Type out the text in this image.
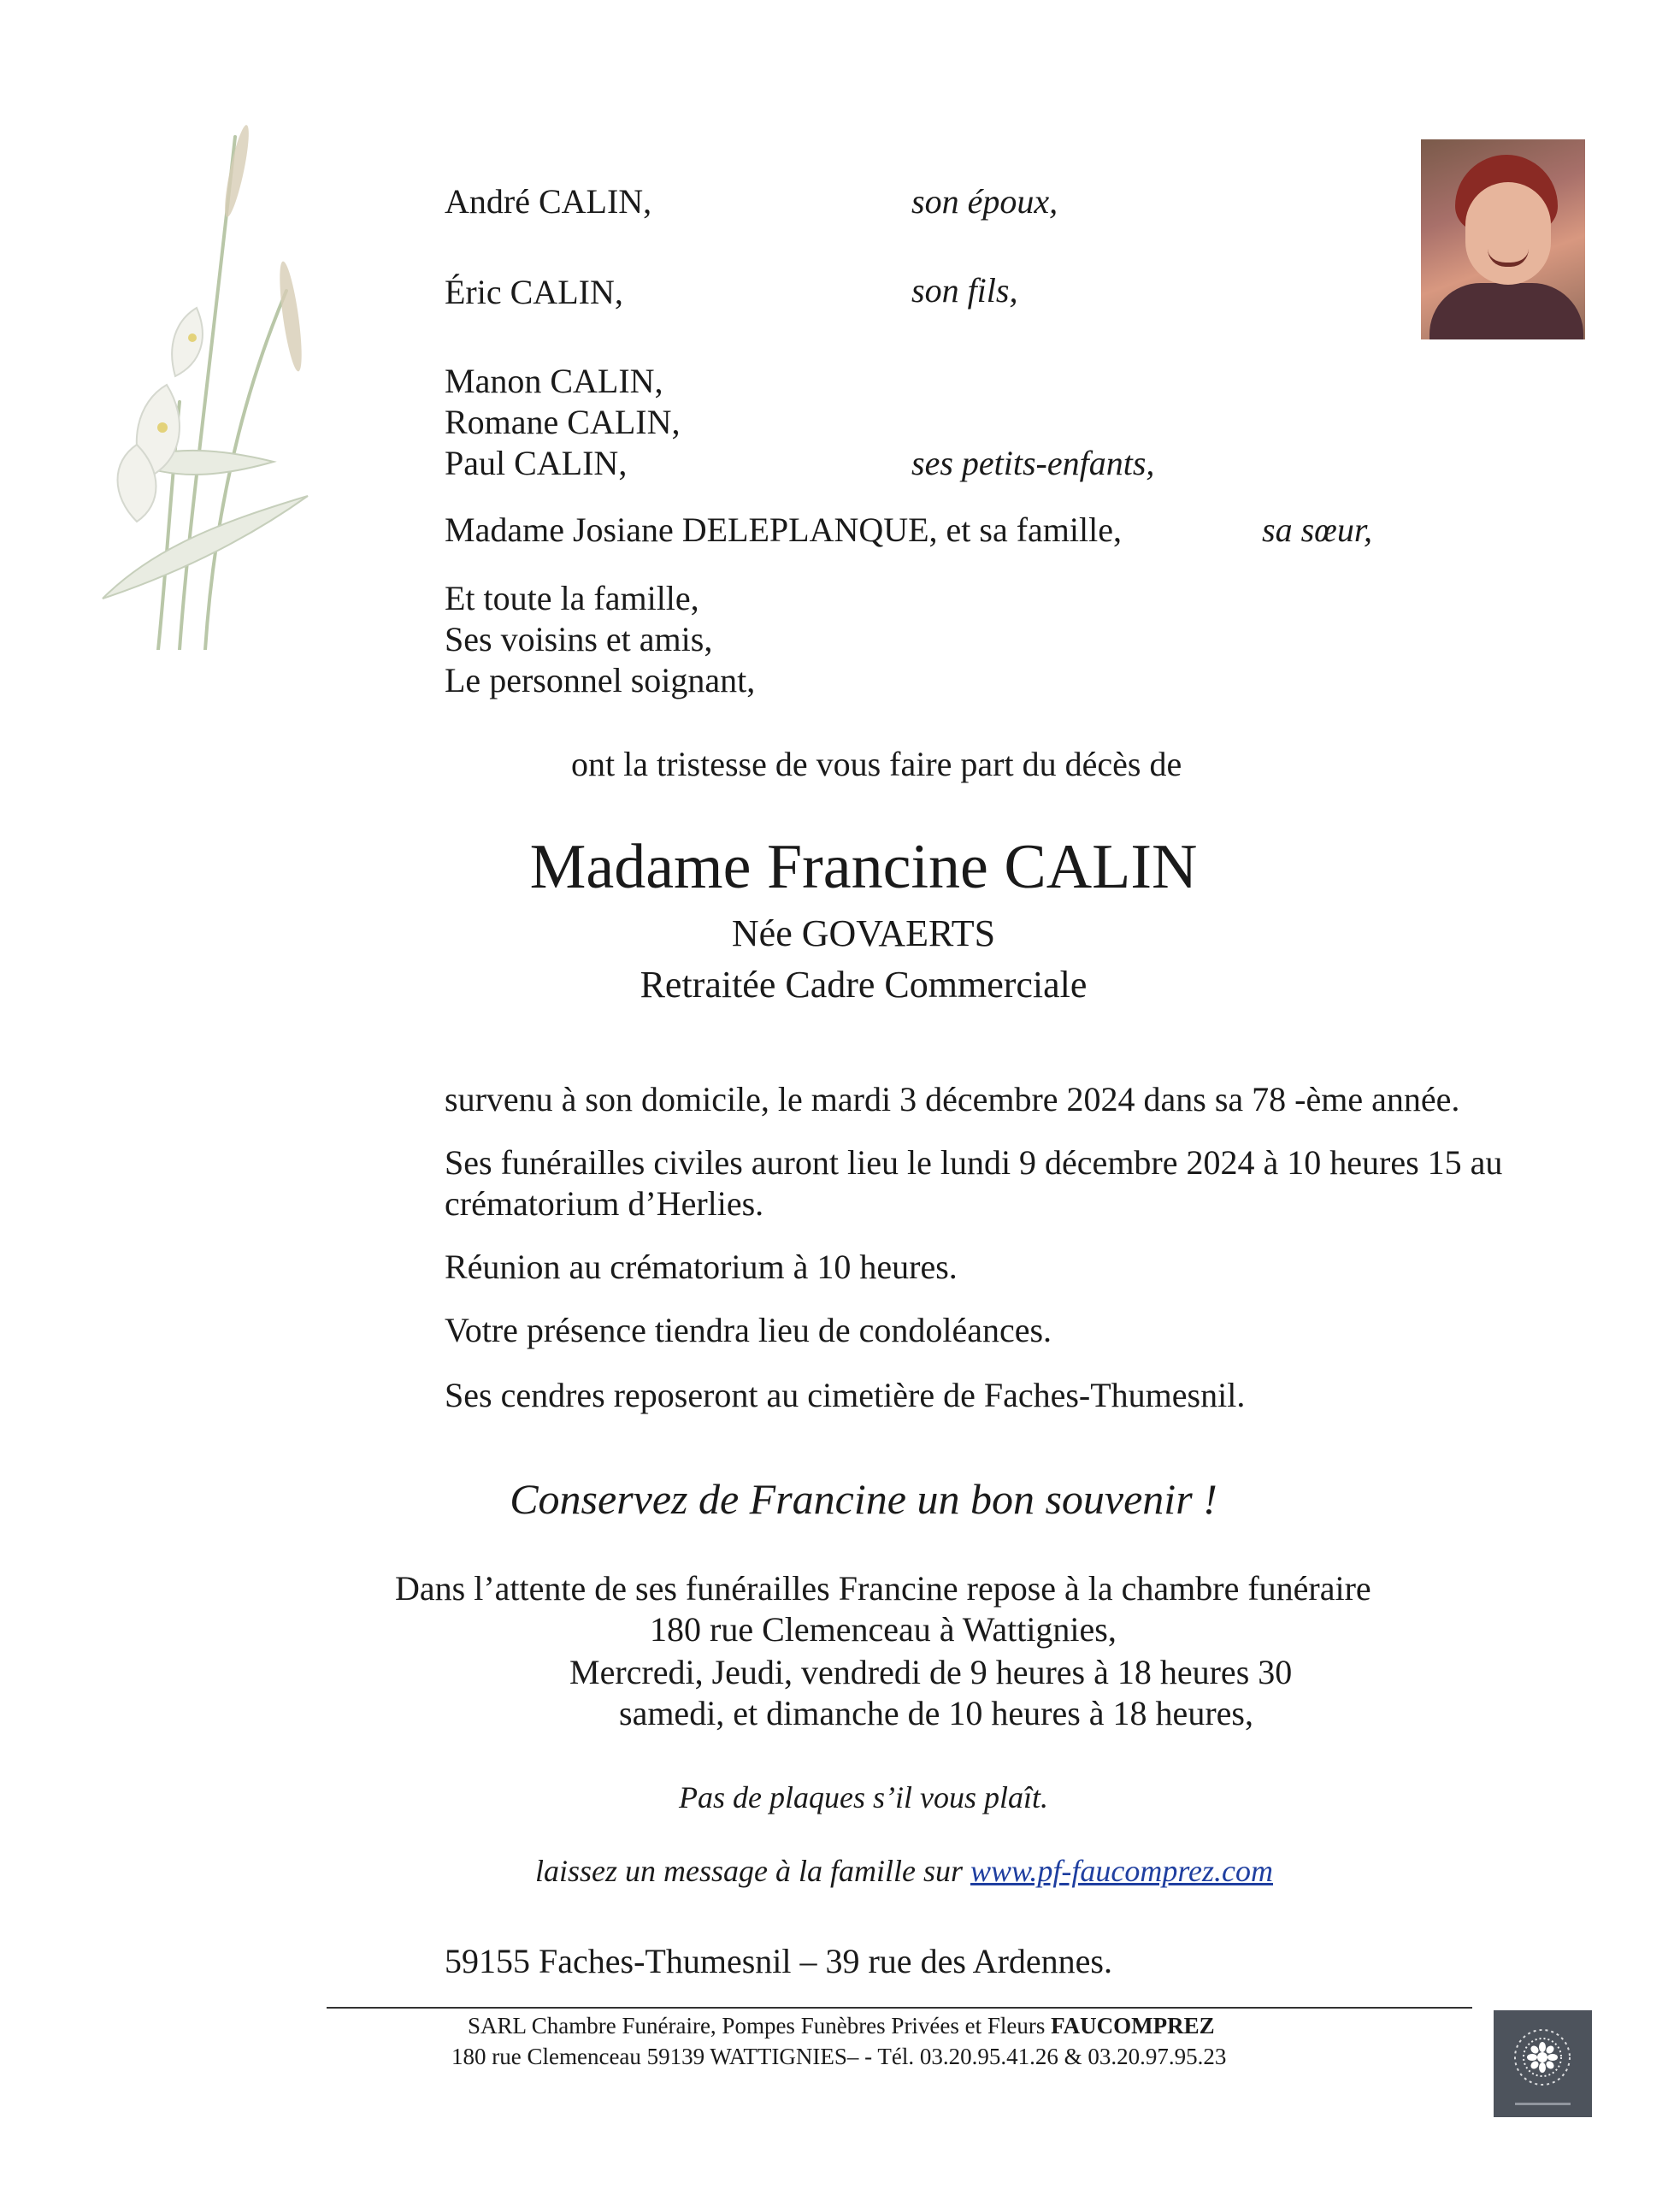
André CALIN,	son époux,
Éric CALIN,	son fils,
Manon CALIN,
Romane CALIN,
Paul CALIN,	ses petits-enfants,
Madame Josiane DELEPLANQUE, et sa famille,	sa sœur,
Et toute la famille,
Ses voisins et amis,
Le personnel soignant,
ont la tristesse de vous faire part du décès de
Madame Francine CALIN
Née GOVAERTS
Retraitée Cadre Commerciale
survenu à son domicile, le mardi 3 décembre 2024 dans sa 78 -ème année.
Ses funérailles civiles auront lieu le lundi 9 décembre 2024 à 10 heures 15 au
crématorium d’Herlies.
Réunion au crématorium à 10 heures.
Votre présence tiendra lieu de condoléances.
Ses cendres reposeront au cimetière de Faches-Thumesnil.
Conservez de Francine un bon souvenir !
Dans l’attente de ses funérailles Francine repose à la chambre funéraire
180 rue Clemenceau à Wattignies,
Mercredi, Jeudi, vendredi de 9 heures à 18 heures 30
samedi, et dimanche de 10 heures à 18 heures,
Pas de plaques s’il vous plaît.
laissez un message à la famille sur www.pf-faucomprez.com
59155 Faches-Thumesnil – 39 rue des Ardennes.
SARL Chambre Funéraire, Pompes Funèbres Privées et Fleurs FAUCOMPREZ
180 rue Clemenceau 59139 WATTIGNIES– - Tél. 03.20.95.41.26 & 03.20.97.95.23
